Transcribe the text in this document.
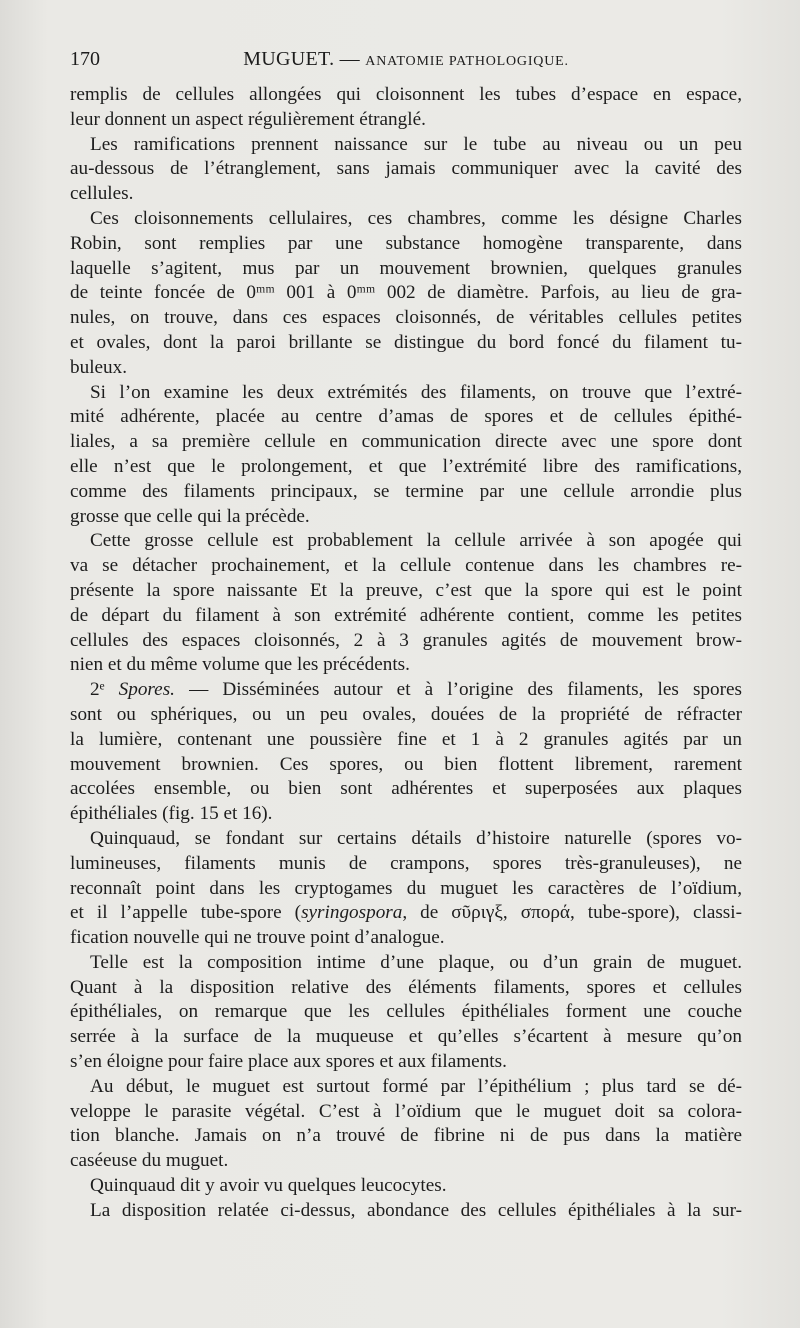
170	MUGUET. — ANATOMIE PATHOLOGIQUE.
remplis de cellules allongées qui cloisonnent les tubes d’espace en espace,
leur donnent un aspect régulièrement étranglé.
Les ramifications prennent naissance sur le tube au niveau ou un peu
au-dessous de l’étranglement, sans jamais communiquer avec la cavité des
cellules.
Ces cloisonnements cellulaires, ces chambres, comme les désigne Charles
Robin, sont remplies par une substance homogène transparente, dans
laquelle s’agitent, mus par un mouvement brownien, quelques granules
de teinte foncée de 0ᵐᵐ 001 à 0ᵐᵐ 002 de diamètre. Parfois, au lieu de gra-
nules, on trouve, dans ces espaces cloisonnés, de véritables cellules petites
et ovales, dont la paroi brillante se distingue du bord foncé du filament tu-
buleux.
Si l’on examine les deux extrémités des filaments, on trouve que l’extré-
mité adhérente, placée au centre d’amas de spores et de cellules épithé-
liales, a sa première cellule en communication directe avec une spore dont
elle n’est que le prolongement, et que l’extrémité libre des ramifications,
comme des filaments principaux, se termine par une cellule arrondie plus
grosse que celle qui la précède.
Cette grosse cellule est probablement la cellule arrivée à son apogée qui
va se détacher prochainement, et la cellule contenue dans les chambres re-
présente la spore naissante Et la preuve, c’est que la spore qui est le point
de départ du filament à son extrémité adhérente contient, comme les petites
cellules des espaces cloisonnés, 2 à 3 granules agités de mouvement brow-
nien et du même volume que les précédents.
2ᵉ Spores. — Disséminées autour et à l’origine des filaments, les spores
sont ou sphériques, ou un peu ovales, douées de la propriété de réfracter
la lumière, contenant une poussière fine et 1 à 2 granules agités par un
mouvement brownien. Ces spores, ou bien flottent librement, rarement
accolées ensemble, ou bien sont adhérentes et superposées aux plaques
épithéliales (fig. 15 et 16).
Quinquaud, se fondant sur certains détails d’histoire naturelle (spores vo-
lumineuses, filaments munis de crampons, spores très-granuleuses), ne
reconnaît point dans les cryptogames du muguet les caractères de l’oïdium,
et il l’appelle tube-spore (syringospora, de σῦριγξ, σπορά, tube-spore), classi-
fication nouvelle qui ne trouve point d’analogue.
Telle est la composition intime d’une plaque, ou d’un grain de muguet.
Quant à la disposition relative des éléments filaments, spores et cellules
épithéliales, on remarque que les cellules épithéliales forment une couche
serrée à la surface de la muqueuse et qu’elles s’écartent à mesure qu’on
s’en éloigne pour faire place aux spores et aux filaments.
Au début, le muguet est surtout formé par l’épithélium ; plus tard se dé-
veloppe le parasite végétal. C’est à l’oïdium que le muguet doit sa colora-
tion blanche. Jamais on n’a trouvé de fibrine ni de pus dans la matière
caséeuse du muguet.
Quinquaud dit y avoir vu quelques leucocytes.
La disposition relatée ci-dessus, abondance des cellules épithéliales à la sur-
